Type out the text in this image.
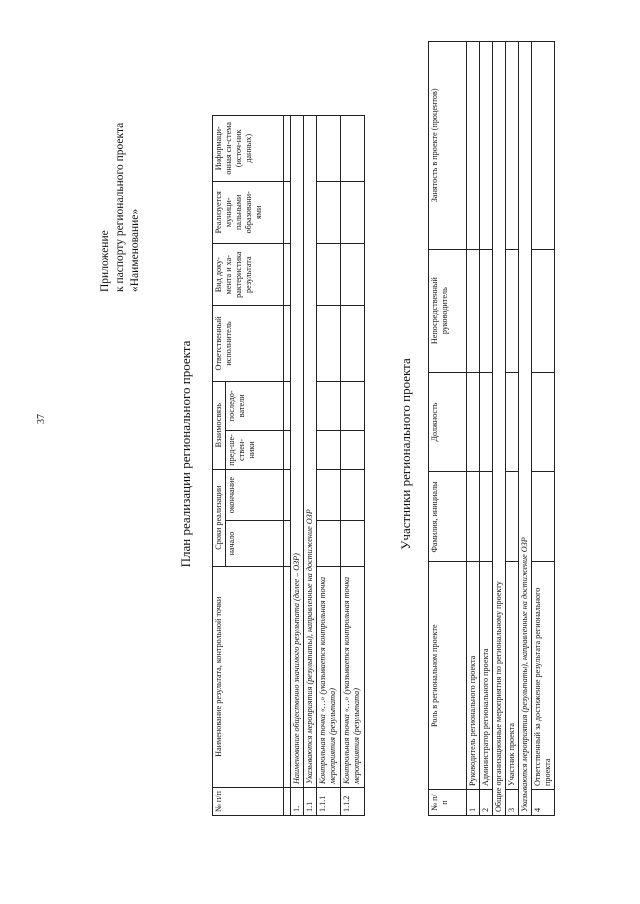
37
Приложение к паспорту регионального проекта «Наименование»
План реализации регионального проекта
№ п/п	Наименование результата, контрольной точки	Сроки реализации		Взаимосвязь		Ответственный исполнитель	Вид доку-мента и ха-рактеристика результата	Реализуется муници-пальными образовани-ями	Информаци-онная си-стема (источ-ник данных)
		начало	окончание	пред-ше-ствен-ники	последо-ватели				

1.	Наименование общественно значимого результата (далее – ОЗР)								
1.1	Указываются мероприятия (результаты), направленные на достижение ОЗР								
1.1.1	Контрольная точка «…» (указывается контрольная точка мероприятия (результата)								
1.1.2	Контрольная точка «…» (указывается контрольная точка мероприятия (результата)								
Участники регионального проекта
№ п/п	Роль в региональном проекте	Фамилия, инициалы	Должность	Непосредственный руководитель	Занятость в проекте (процентов)
1	Руководитель регионального проекта				
2	Администратор регионального проекта				
Общие организационные мероприятия по региональному проекту					
3	Участник проекта				
Указываются мероприятия (результаты), направленные на достижение ОЗР					
4	Ответственный за достижение результата регионального проекта				
